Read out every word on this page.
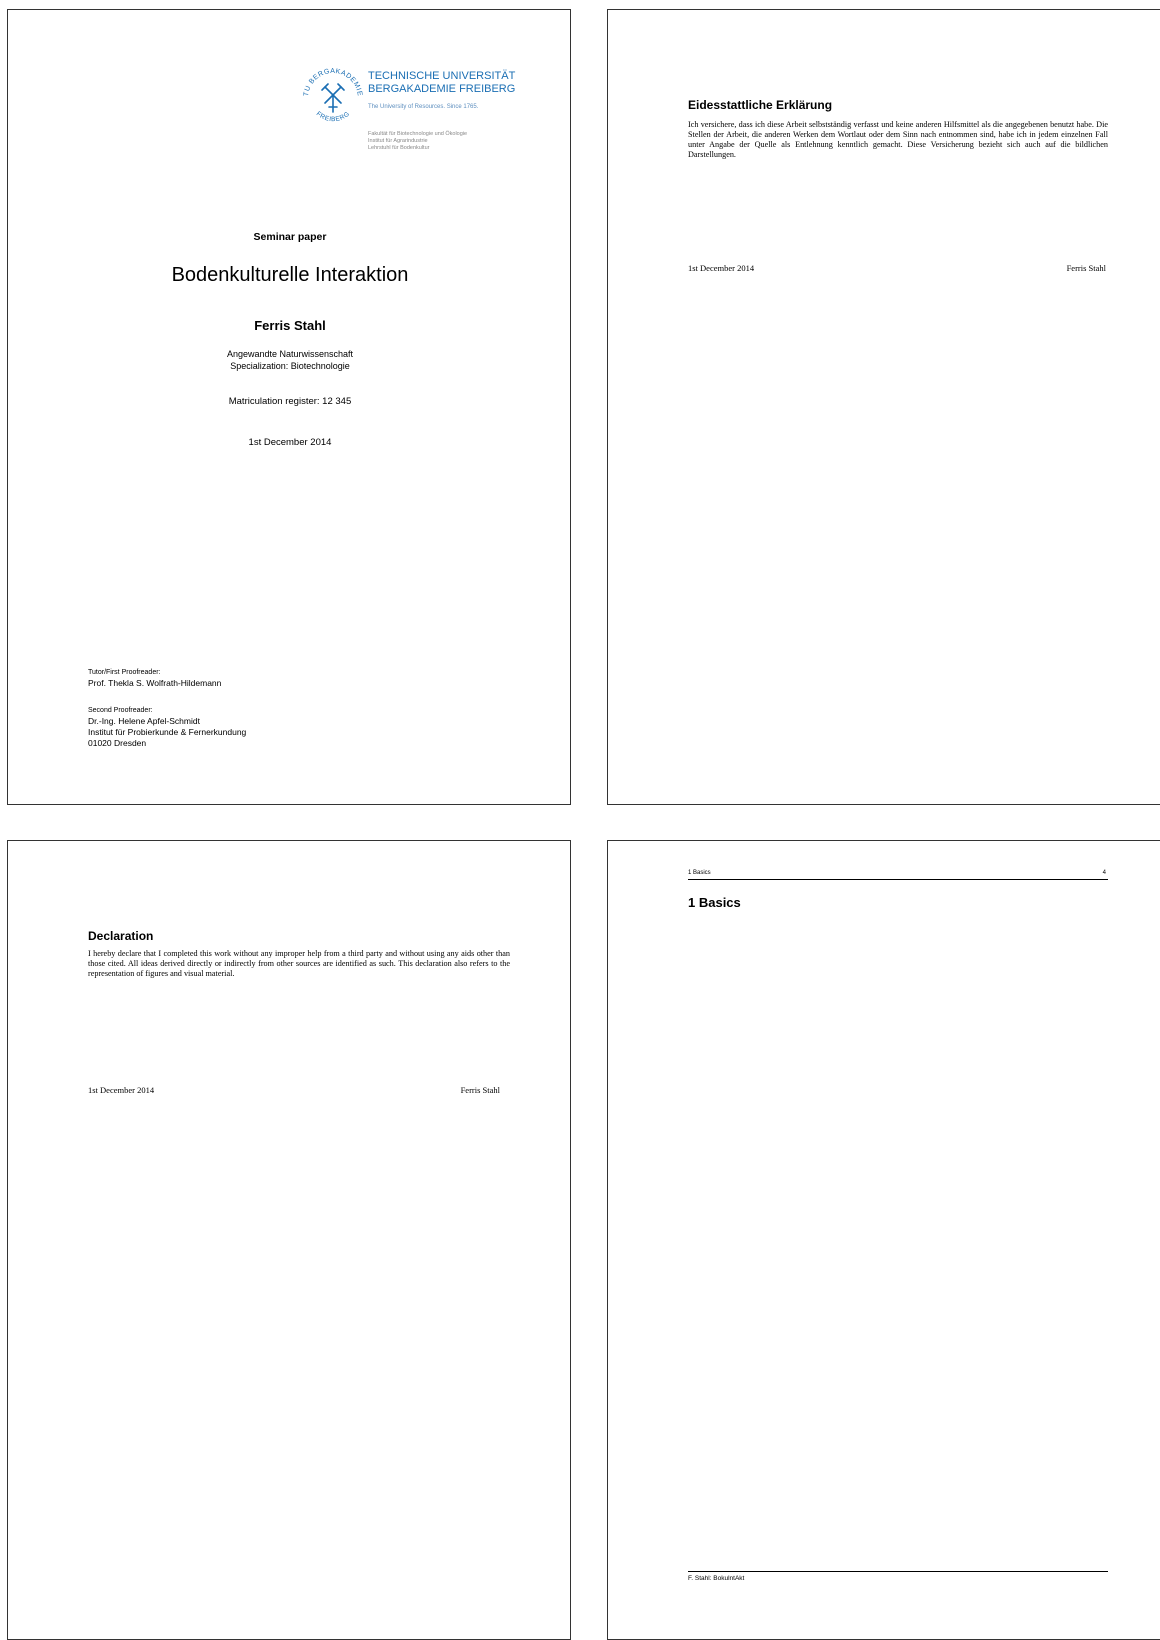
TU BERGAKADEMIE
FREIBERG
TECHNISCHE UNIVERSITÄT
BERGAKADEMIE FREIBERG
The University of Resources. Since 1765.
Fakultät für Biotechnologie und Ökologie
Institut für Agrarindustrie
Lehrstuhl für Bodenkultur
Seminar paper
Bodenkulturelle Interaktion
Ferris Stahl
Angewandte Naturwissenschaft
Specialization: Biotechnologie
Matriculation register: 12 345
1st December 2014
Tutor/First Proofreader:
Prof. Thekla S. Wolfrath-Hildemann
Second Proofreader:
Dr.-Ing. Helene Apfel-Schmidt
Institut für Probierkunde & Fernerkundung
01020 Dresden
Eidesstattliche Erklärung
Ich versichere, dass ich diese Arbeit selbstständig verfasst und keine anderen Hilfsmittel als die angegebenen benutzt habe. Die Stellen der Arbeit, die anderen Werken dem Wortlaut oder dem Sinn nach entnommen sind, habe ich in jedem einzelnen Fall unter Angabe der Quelle als Entlehnung kenntlich gemacht. Diese Versicherung bezieht sich auch auf die bildlichen Darstellungen.
1st December 2014	Ferris Stahl
Declaration
I hereby declare that I completed this work without any improper help from a third party and without using any aids other than those cited. All ideas derived directly or indirectly from other sources are identified as such. This declaration also refers to the representation of figures and visual material.
1st December 2014	Ferris Stahl
1 Basics	4
1 Basics
F. Stahl: BokulntAkt
